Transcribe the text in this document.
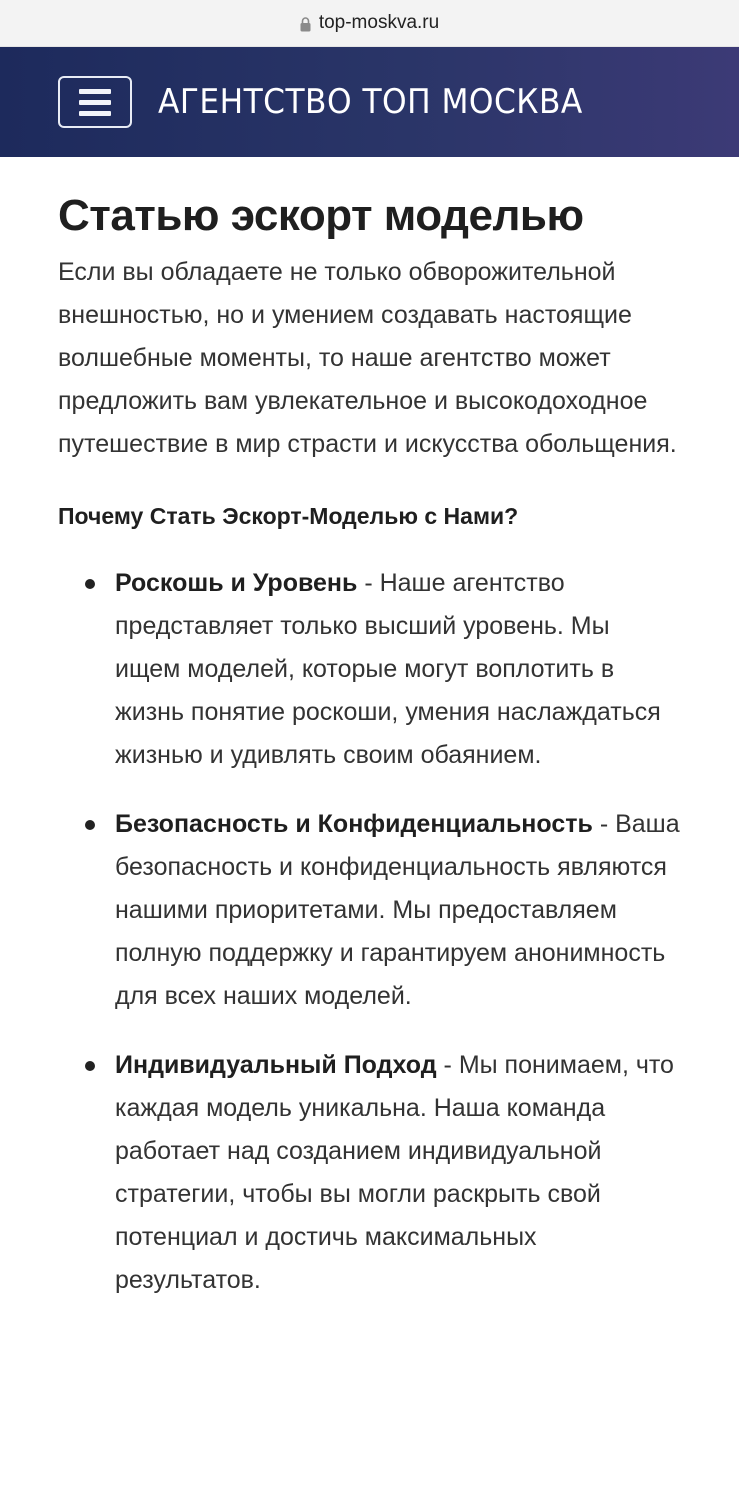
top-moskva.ru
АГЕНТСТВО ТОП МОСКВА
Статью эскорт моделью

Если вы обладаете не только обворожительной внешностью, но и умением создавать настоящие волшебные моменты, то наше агентство может предложить вам увлекательное и высокодоходное путешествие в мир страсти и искусства обольщения.

Почему Стать Эскорт-Моделью с Нами?
Роскошь и Уровень - Наше агентство представляет только высший уровень. Мы ищем моделей, которые могут воплотить в жизнь понятие роскоши, умения наслаждаться жизнью и удивлять своим обаянием.
Безопасность и Конфиденциальность - Ваша безопасность и конфиденциальность являются нашими приоритетами. Мы предоставляем полную поддержку и гарантируем анонимность для всех наших моделей.
Индивидуальный Подход - Мы понимаем, что каждая модель уникальна. Наша команда работает над созданием индивидуальной стратегии, чтобы вы могли раскрыть свой потенциал и достичь максимальных результатов.
